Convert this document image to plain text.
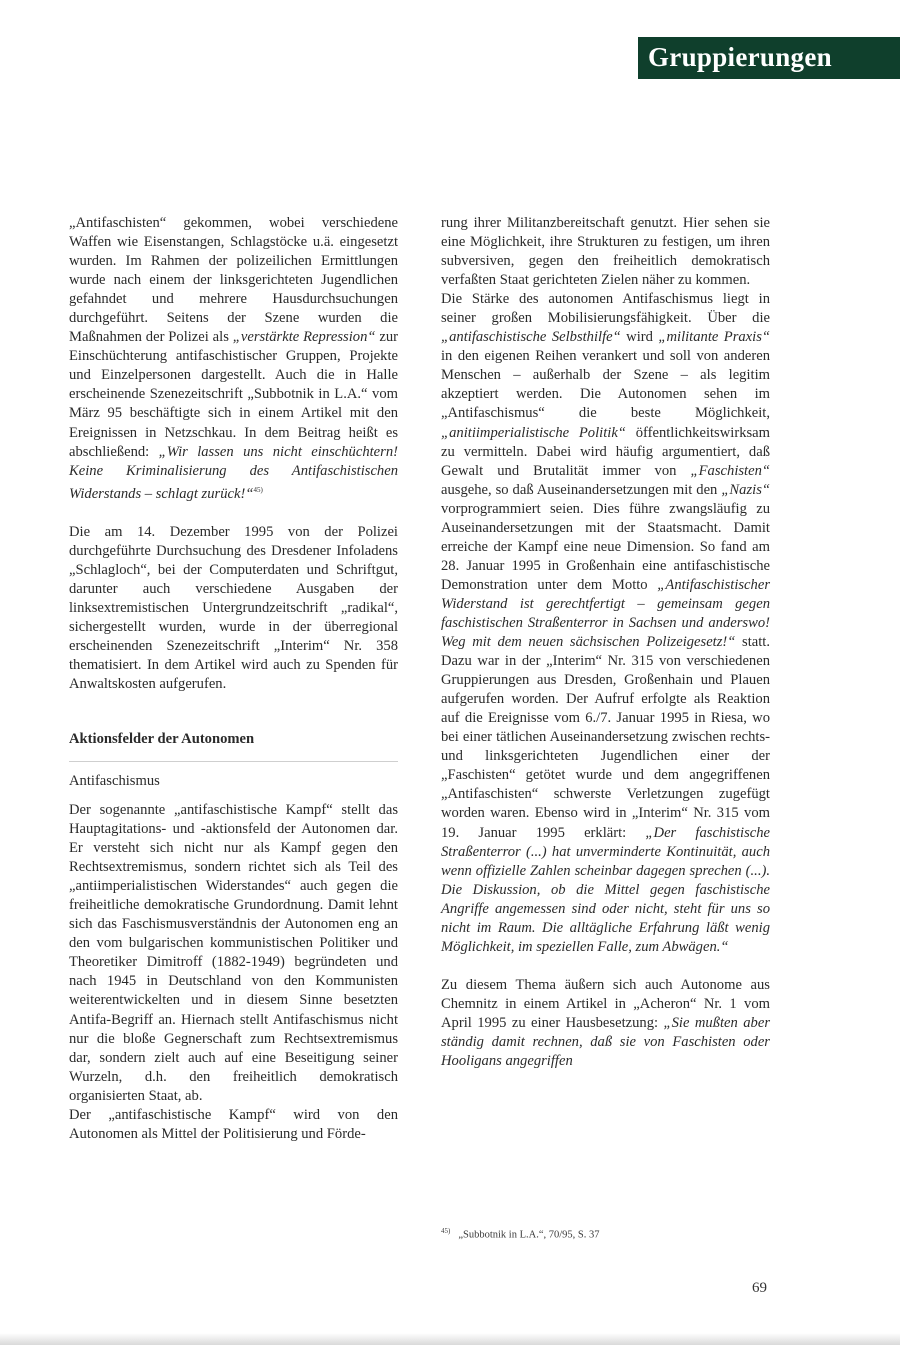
Gruppierungen

„Antifaschisten“ gekommen, wobei verschiedene Waffen wie Eisenstangen, Schlagstöcke u.ä. eingesetzt wurden. Im Rahmen der polizeilichen Ermittlungen wurde nach einem der linksgerichteten Jugendlichen gefahndet und mehrere Hausdurchsuchungen durchgeführt. Seitens der Szene wurden die Maßnahmen der Polizei als „verstärkte Repression“ zur Einschüchterung antifaschistischer Gruppen, Projekte und Einzelpersonen dargestellt. Auch die in Halle erscheinende Szenezeitschrift „Subbotnik in L.A.“ vom März 95 beschäftigte sich in einem Artikel mit den Ereignissen in Netzschkau. In dem Beitrag heißt es abschließend: „Wir lassen uns nicht einschüchtern! Keine Kriminalisierung des Antifaschistischen Widerstands – schlagt zurück!“$^{45)}$

Die am 14. Dezember 1995 von der Polizei durchgeführte Durchsuchung des Dresdener Infoladens „Schlagloch“, bei der Computerdaten und Schriftgut, darunter auch verschiedene Ausgaben der linksextremistischen Untergrundzeitschrift „radikal“, sichergestellt wurden, wurde in der überregional erscheinenden Szenezeitschrift „Interim“ Nr. 358 thematisiert. In dem Artikel wird auch zu Spenden für Anwaltskosten aufgerufen.

Aktionsfelder der Autonomen

Antifaschismus

Der sogenannte „antifaschistische Kampf“ stellt das Hauptagitations- und -aktionsfeld der Autonomen dar. Er versteht sich nicht nur als Kampf gegen den Rechtsextremismus, sondern richtet sich als Teil des „antiimperialistischen Widerstandes“ auch gegen die freiheitliche demokratische Grundordnung. Damit lehnt sich das Faschismusverständnis der Autonomen eng an den vom bulgarischen kommunistischen Politiker und Theoretiker Dimitroff (1882-1949) begründeten und nach 1945 in Deutschland von den Kommunisten weiterentwickelten und in diesem Sinne besetzten Antifa-Begriff an. Hiernach stellt Antifaschismus nicht nur die bloße Gegnerschaft zum Rechtsextremismus dar, sondern zielt auch auf eine Beseitigung seiner Wurzeln, d.h. den freiheitlich demokratisch organisierten Staat, ab.

Der „antifaschistische Kampf“ wird von den Autonomen als Mittel der Politisierung und Förde-

rung ihrer Militanzbereitschaft genutzt. Hier sehen sie eine Möglichkeit, ihre Strukturen zu festigen, um ihren subversiven, gegen den freiheitlich demokratisch verfaßten Staat gerichteten Zielen näher zu kommen.

Die Stärke des autonomen Antifaschismus liegt in seiner großen Mobilisierungsfähigkeit. Über die „antifaschistische Selbsthilfe“ wird „militante Praxis“ in den eigenen Reihen verankert und soll von anderen Menschen – außerhalb der Szene – als legitim akzeptiert werden. Die Autonomen sehen im „Antifaschismus“ die beste Möglichkeit, „anitiimperialistische Politik“ öffentlichkeitswirksam zu vermitteln. Dabei wird häufig argumentiert, daß Gewalt und Brutalität immer von „Faschisten“ ausgehe, so daß Auseinandersetzungen mit den „Nazis“ vorprogrammiert seien. Dies führe zwangsläufig zu Auseinandersetzungen mit der Staatsmacht. Damit erreiche der Kampf eine neue Dimension. So fand am 28. Januar 1995 in Großenhain eine antifaschistische Demonstration unter dem Motto „Antifaschistischer Widerstand ist gerechtfertigt – gemeinsam gegen faschistischen Straßenterror in Sachsen und anderswo! Weg mit dem neuen sächsischen Polizeigesetz!“ statt. Dazu war in der „Interim“ Nr. 315 von verschiedenen Gruppierungen aus Dresden, Großenhain und Plauen aufgerufen worden. Der Aufruf erfolgte als Reaktion auf die Ereignisse vom 6./7. Januar 1995 in Riesa, wo bei einer tätlichen Auseinandersetzung zwischen rechts- und linksgerichteten Jugendlichen einer der „Faschisten“ getötet wurde und dem angegriffenen „Antifaschisten“ schwerste Verletzungen zugefügt worden waren. Ebenso wird in „Interim“ Nr. 315 vom 19. Januar 1995 erklärt: „Der faschistische Straßenterror (...) hat unverminderte Kontinuität, auch wenn offizielle Zahlen scheinbar dagegen sprechen (...). Die Diskussion, ob die Mittel gegen faschistische Angriffe angemessen sind oder nicht, steht für uns so nicht im Raum. Die alltägliche Erfahrung läßt wenig Möglichkeit, im speziellen Falle, zum Abwägen.“

Zu diesem Thema äußern sich auch Autonome aus Chemnitz in einem Artikel in „Acheron“ Nr. 1 vom April 1995 zu einer Hausbesetzung: „Sie mußten aber ständig damit rechnen, daß sie von Faschisten oder Hooligans angegriffen

$^{45)}$ „Subbotnik in L.A.“, 70/95, S. 37
69
